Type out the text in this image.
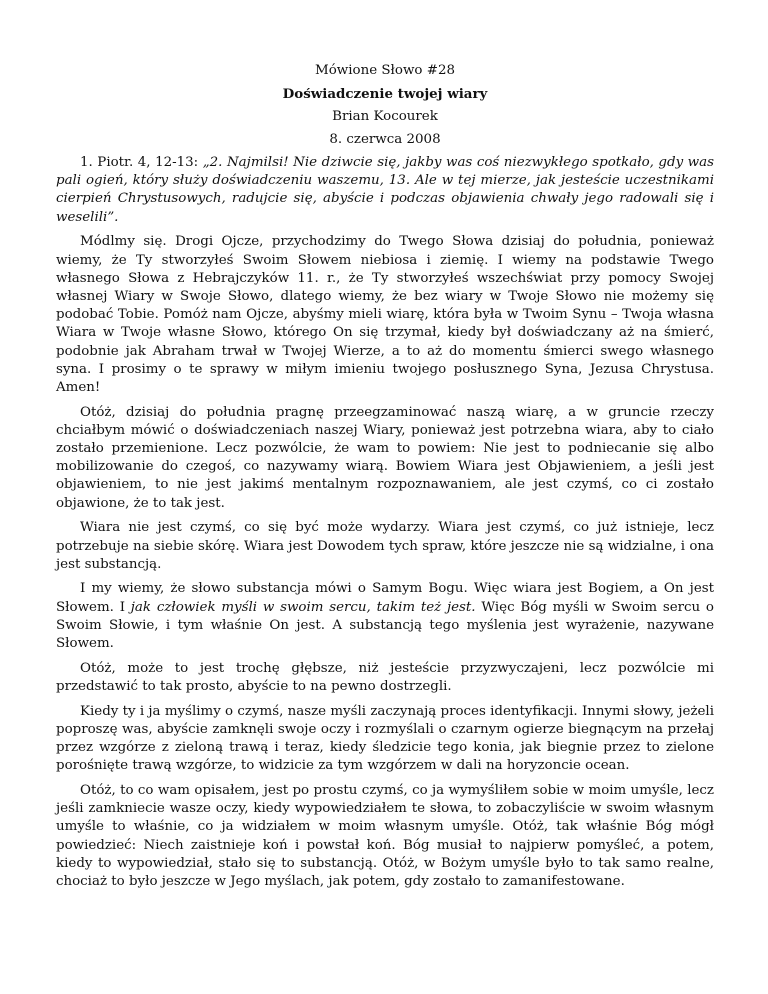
Mówione Słowo #28
Doświadczenie twojej wiary
Brian Kocourek
8. czerwca 2008

1. Piotr. 4, 12-13: „2. Najmilsi! Nie dziwcie się, jakby was coś niezwykłego spotkało, gdy was pali ogień, który służy doświadczeniu waszemu, 13. Ale w tej mierze, jak jesteście uczestnikami cierpień Chrystusowych, radujcie się, abyście i podczas objawienia chwały jego radowali się i weselili”.

Módlmy się. Drogi Ojcze, przychodzimy do Twego Słowa dzisiaj do południa, ponieważ wiemy, że Ty stworzyłeś Swoim Słowem niebiosa i ziemię. I wiemy na podstawie Twego własnego Słowa z Hebrajczyków 11. r., że Ty stworzyłeś wszechświat przy pomocy Swojej własnej Wiary w Swoje Słowo, dlatego wiemy, że bez wiary w Twoje Słowo nie możemy się podobać Tobie. Pomóż nam Ojcze, abyśmy mieli wiarę, która była w Twoim Synu – Twoja własna Wiara w Twoje własne Słowo, którego On się trzymał, kiedy był doświadczany aż na śmierć, podobnie jak Abraham trwał w Twojej Wierze, a to aż do momentu śmierci swego własnego syna. I prosimy o te sprawy w miłym imieniu twojego posłusznego Syna, Jezusa Chrystusa. Amen!

Otóż, dzisiaj do południa pragnę przeegzaminować naszą wiarę, a w gruncie rzeczy chciałbym mówić o doświadczeniach naszej Wiary, ponieważ jest potrzebna wiara, aby to ciało zostało przemienione. Lecz pozwólcie, że wam to powiem: Nie jest to podniecanie się albo mobilizowanie do czegoś, co nazywamy wiarą. Bowiem Wiara jest Objawieniem, a jeśli jest objawieniem, to nie jest jakimś mentalnym rozpoznawaniem, ale jest czymś, co ci zostało objawione, że to tak jest.

Wiara nie jest czymś, co się być może wydarzy. Wiara jest czymś, co już istnieje, lecz potrzebuje na siebie skórę. Wiara jest Dowodem tych spraw, które jeszcze nie są widzialne, i ona jest substancją.

I my wiemy, że słowo substancja mówi o Samym Bogu. Więc wiara jest Bogiem, a On jest Słowem. I jak człowiek myśli w swoim sercu, takim też jest. Więc Bóg myśli w Swoim sercu o Swoim Słowie, i tym właśnie On jest. A substancją tego myślenia jest wyrażenie, nazywane Słowem.

Otóż, może to jest trochę głębsze, niż jesteście przyzwyczajeni, lecz pozwólcie mi przedstawić to tak prosto, abyście to na pewno dostrzegli.

Kiedy ty i ja myślimy o czymś, nasze myśli zaczynają proces identyfikacji. Innymi słowy, jeżeli poproszę was, abyście zamknęli swoje oczy i rozmyślali o czarnym ogierze biegnącym na przełaj przez wzgórze z zieloną trawą i teraz, kiedy śledzicie tego konia, jak biegnie przez to zielone porośnięte trawą wzgórze, to widzicie za tym wzgórzem w dali na horyzoncie ocean.

Otóż, to co wam opisałem, jest po prostu czymś, co ja wymyśliłem sobie w moim umyśle, lecz jeśli zamkniecie wasze oczy, kiedy wypowiedziałem te słowa, to zobaczyliście w swoim własnym umyśle to właśnie, co ja widziałem w moim własnym umyśle. Otóż, tak właśnie Bóg mógł powiedzieć: Niech zaistnieje koń i powstał koń. Bóg musiał to najpierw pomyśleć, a potem, kiedy to wypowiedział, stało się to substancją. Otóż, w Bożym umyśle było to tak samo realne, chociaż to było jeszcze w Jego myślach, jak potem, gdy zostało to zamanifestowane.
